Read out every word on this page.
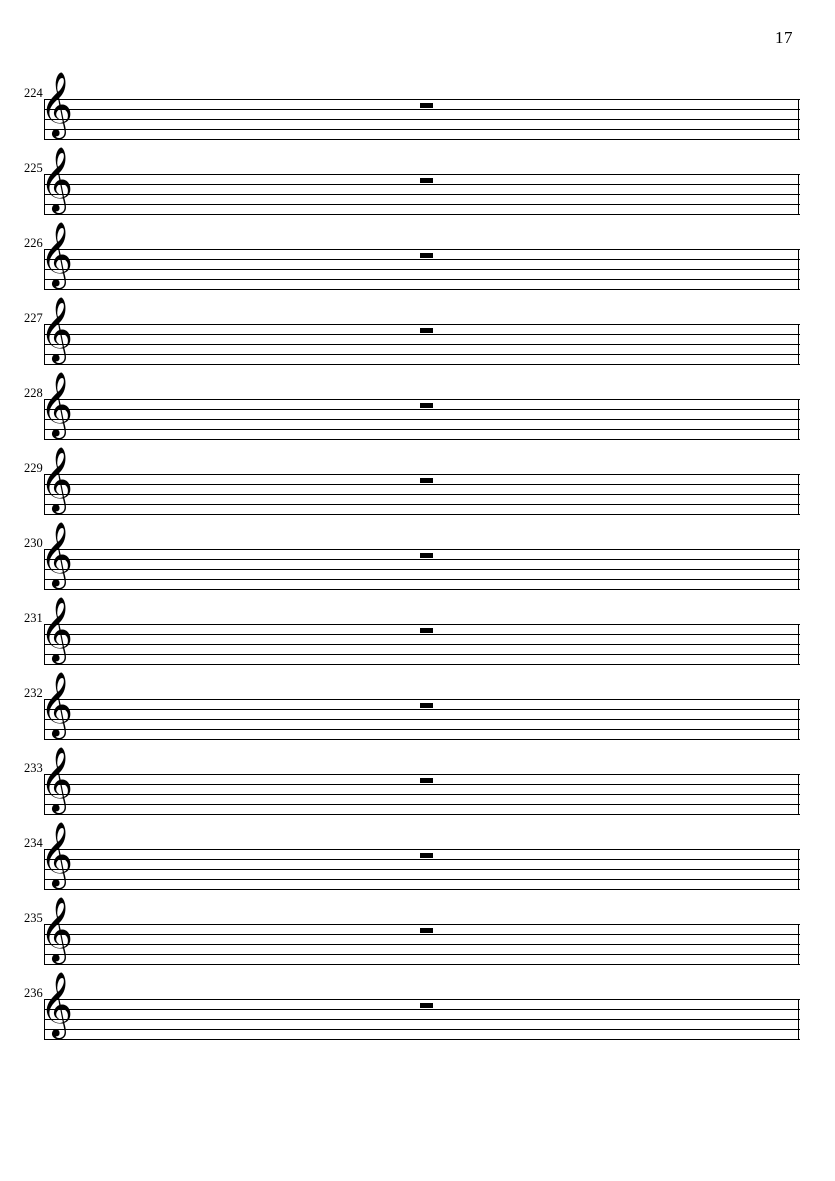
17
224
𝄞
225
𝄞
226
𝄞
227
𝄞
228
𝄞
229
𝄞
230
𝄞
231
𝄞
232
𝄞
233
𝄞
234
𝄞
235
𝄞
236
𝄞
